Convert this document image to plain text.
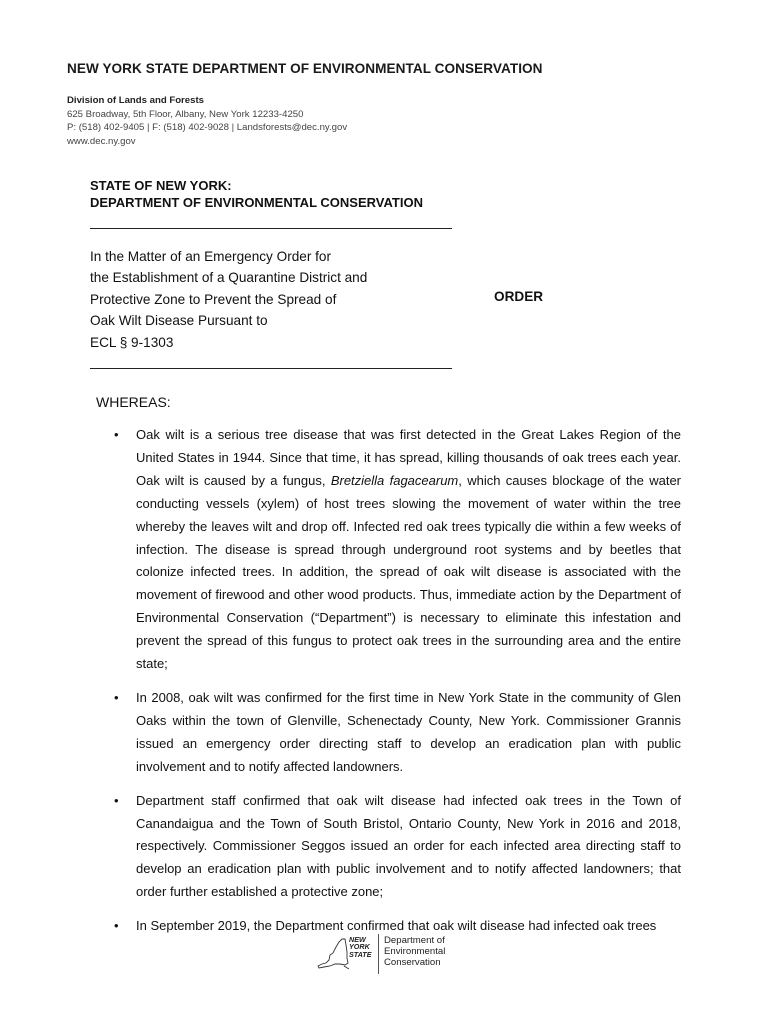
NEW YORK STATE DEPARTMENT OF ENVIRONMENTAL CONSERVATION
Division of Lands and Forests
625 Broadway, 5th Floor, Albany, New York 12233-4250
P: (518) 402-9405 | F: (518) 402-9028 | Landsforests@dec.ny.gov
www.dec.ny.gov
STATE OF NEW YORK:
DEPARTMENT OF ENVIRONMENTAL CONSERVATION
In the Matter of an Emergency Order for
the Establishment of a Quarantine District and
Protective Zone to Prevent the Spread of
Oak Wilt Disease Pursuant to
ECL § 9-1303
ORDER
WHEREAS:
• Oak wilt is a serious tree disease that was first detected in the Great Lakes Region of the United States in 1944. Since that time, it has spread, killing thousands of oak trees each year. Oak wilt is caused by a fungus, Bretziella fagacearum, which causes blockage of the water conducting vessels (xylem) of host trees slowing the movement of water within the tree whereby the leaves wilt and drop off. Infected red oak trees typically die within a few weeks of infection. The disease is spread through underground root systems and by beetles that colonize infected trees. In addition, the spread of oak wilt disease is associated with the movement of firewood and other wood products. Thus, immediate action by the Department of Environmental Conservation (“Department”) is necessary to eliminate this infestation and prevent the spread of this fungus to protect oak trees in the surrounding area and the entire state;
• In 2008, oak wilt was confirmed for the first time in New York State in the community of Glen Oaks within the town of Glenville, Schenectady County, New York. Commissioner Grannis issued an emergency order directing staff to develop an eradication plan with public involvement and to notify affected landowners.
• Department staff confirmed that oak wilt disease had infected oak trees in the Town of Canandaigua and the Town of South Bristol, Ontario County, New York in 2016 and 2018, respectively. Commissioner Seggos issued an order for each infected area directing staff to develop an eradication plan with public involvement and to notify affected landowners; that order further established a protective zone;
• In September 2019, the Department confirmed that oak wilt disease had infected oak trees
NEW
YORK
STATE
Department of
Environmental
Conservation
